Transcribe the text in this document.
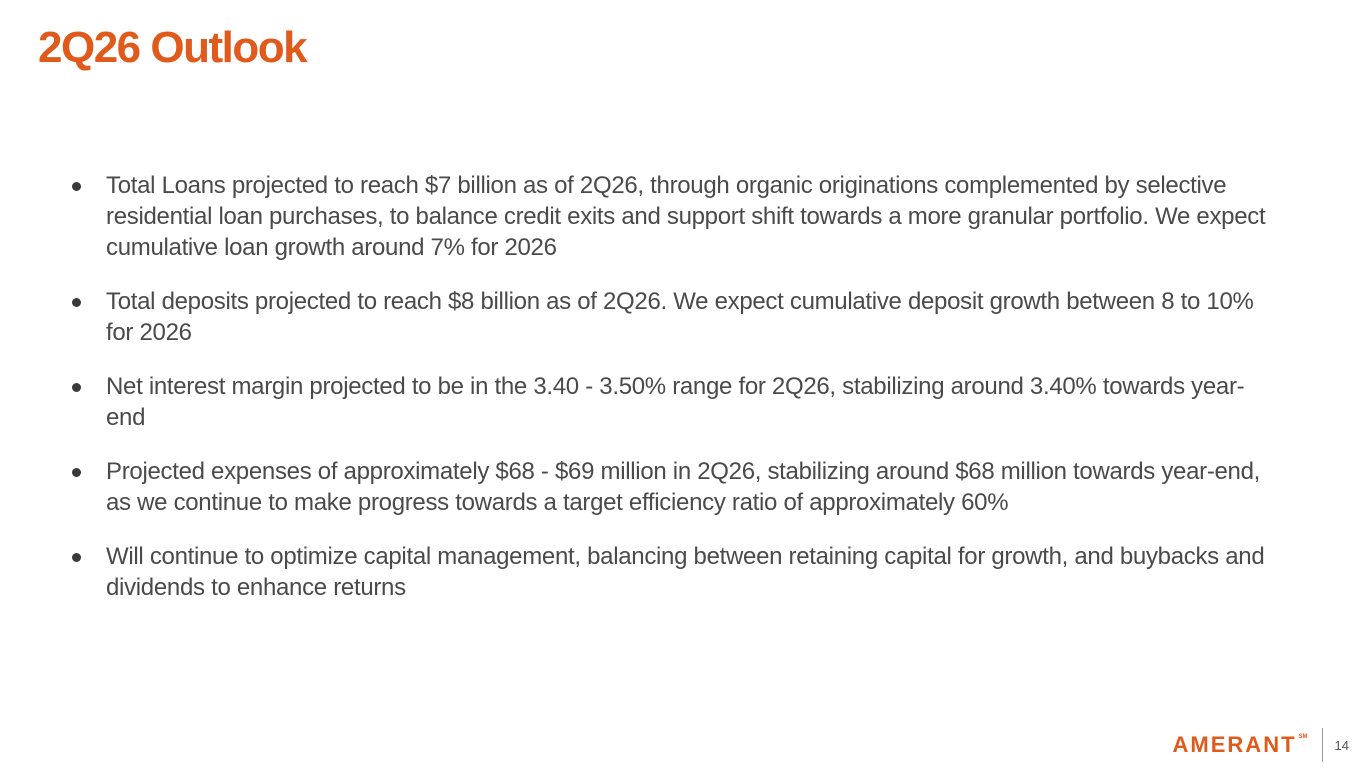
2Q26 Outlook
Total Loans projected to reach $7 billion as of 2Q26, through organic originations complemented by selective residential loan purchases, to balance credit exits and support shift towards a more granular portfolio. We expect cumulative loan growth around 7% for 2026
Total deposits projected to reach $8 billion as of 2Q26. We expect cumulative deposit growth between 8 to 10% for 2026
Net interest margin projected to be in the 3.40 - 3.50% range for 2Q26, stabilizing around 3.40% towards year-end
Projected expenses of approximately $68 - $69 million in 2Q26, stabilizing around $68 million towards year-end, as we continue to make progress towards a target efficiency ratio of approximately 60%
Will continue to optimize capital management, balancing between retaining capital for growth, and buybacks and dividends to enhance returns
AMERANT SM
14
